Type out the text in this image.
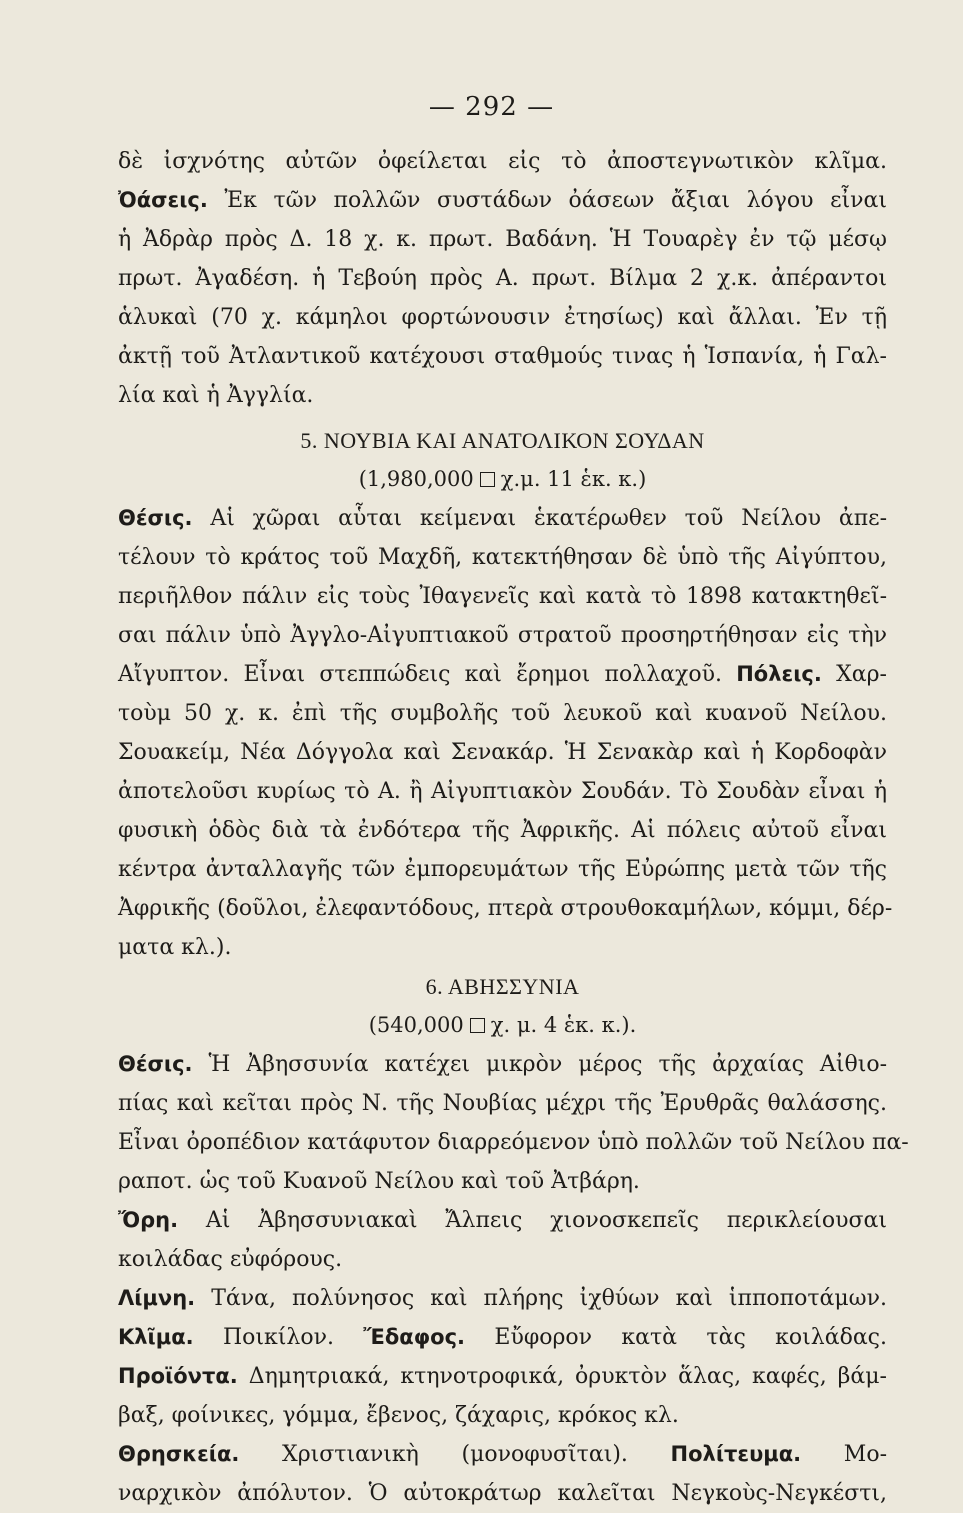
— 292 —

δὲ ἰσχνότης αὐτῶν ὀφείλεται εἰς τὸ ἀποστεγνωτικὸν κλῖμα.

Ὀάσεις. Ἐκ τῶν πολλῶν συστάδων ὀάσεων ἄξιαι λόγου εἶναι

ἡ Ἀδρὰρ πρὸς Δ. 18 χ. κ. πρωτ. Βαδάνη. Ἡ Τουαρὲγ ἐν τῷ μέσῳ

πρωτ. Ἀγαδέση. ἡ Τεβούη πρὸς Α. πρωτ. Βίλμα 2 χ.κ. ἀπέραντοι

ἁλυκαὶ (70 χ. κάμηλοι φορτώνουσιν ἐτησίως) καὶ ἄλλαι. Ἐν τῇ

ἀκτῇ τοῦ Ἀτλαντικοῦ κατέχουσι σταθμούς τινας ἡ Ἱσπανία, ἡ Γαλ-

λία καὶ ἡ Ἀγγλία.

5. ΝΟΥΒΙΑ ΚΑΙ ΑΝΑΤΟΛΙΚΟΝ ΣΟΥΔΑΝ

(1,980,000 χ.μ. 11 ἑκ. κ.)

Θέσις. Αἱ χῶραι αὗται κείμεναι ἑκατέρωθεν τοῦ Νείλου ἀπε-

τέλουν τὸ κράτος τοῦ Μαχδῆ, κατεκτήθησαν δὲ ὑπὸ τῆς Αἰγύπτου,

περιῆλθον πάλιν εἰς τοὺς Ἰθαγενεῖς καὶ κατὰ τὸ 1898 κατακτηθεῖ-

σαι πάλιν ὑπὸ Ἀγγλο-Αἰγυπτιακοῦ στρατοῦ προσηρτήθησαν εἰς τὴν

Αἴγυπτον. Εἶναι στεππώδεις καὶ ἔρημοι πολλαχοῦ. Πόλεις. Χαρ-

τοὺμ 50 χ. κ. ἐπὶ τῆς συμβολῆς τοῦ λευκοῦ καὶ κυανοῦ Νείλου.

Σουακείμ, Νέα Δόγγολα καὶ Σενακάρ. Ἡ Σενακὰρ καὶ ἡ Κορδοφὰν

ἀποτελοῦσι κυρίως τὸ Α. ἢ Αἰγυπτιακὸν Σουδάν. Τὸ Σουδὰν εἶναι ἡ

φυσικὴ ὁδὸς διὰ τὰ ἐνδότερα τῆς Ἀφρικῆς. Αἱ πόλεις αὐτοῦ εἶναι

κέντρα ἀνταλλαγῆς τῶν ἐμπορευμάτων τῆς Εὐρώπης μετὰ τῶν τῆς

Ἀφρικῆς (δοῦλοι, ἐλεφαντόδους, πτερὰ στρουθοκαμήλων, κόμμι, δέρ-

ματα κλ.).

6. ΑΒΗΣΣΥΝΙΑ

(540,000 χ. μ. 4 ἑκ. κ.).

Θέσις. Ἡ Ἀβησσυνία κατέχει μικρὸν μέρος τῆς ἀρχαίας Αἰθιο-

πίας καὶ κεῖται πρὸς Ν. τῆς Νουβίας μέχρι τῆς Ἐρυθρᾶς θαλάσσης.

Εἶναι ὀροπέδιον κατάφυτον διαρρεόμενον ὑπὸ πολλῶν τοῦ Νείλου πα-

ραποτ. ὡς τοῦ Κυανοῦ Νείλου καὶ τοῦ Ἀτβάρη.

Ὄρη. Αἱ Ἀβησσυνιακαὶ Ἄλπεις χιονοσκεπεῖς περικλείουσαι

κοιλάδας εὐφόρους.

Λίμνη. Τάνα, πολύνησος καὶ πλήρης ἰχθύων καὶ ἱπποποτάμων.

Κλῖμα. Ποικίλον. Ἔδαφος. Εὔφορον κατὰ τὰς κοιλάδας.

Προϊόντα. Δημητριακά, κτηνοτροφικά, ὀρυκτὸν ἅλας, καφές, βάμ-

βαξ, φοίνικες, γόμμα, ἔβενος, ζάχαρις, κρόκος κλ.

Θρησκεία. Χριστιανικὴ (μονοφυσῖται). Πολίτευμα. Μο-

ναρχικὸν ἀπόλυτον. Ὁ αὐτοκράτωρ καλεῖται Νεγκοὺς-Νεγκέστι,
